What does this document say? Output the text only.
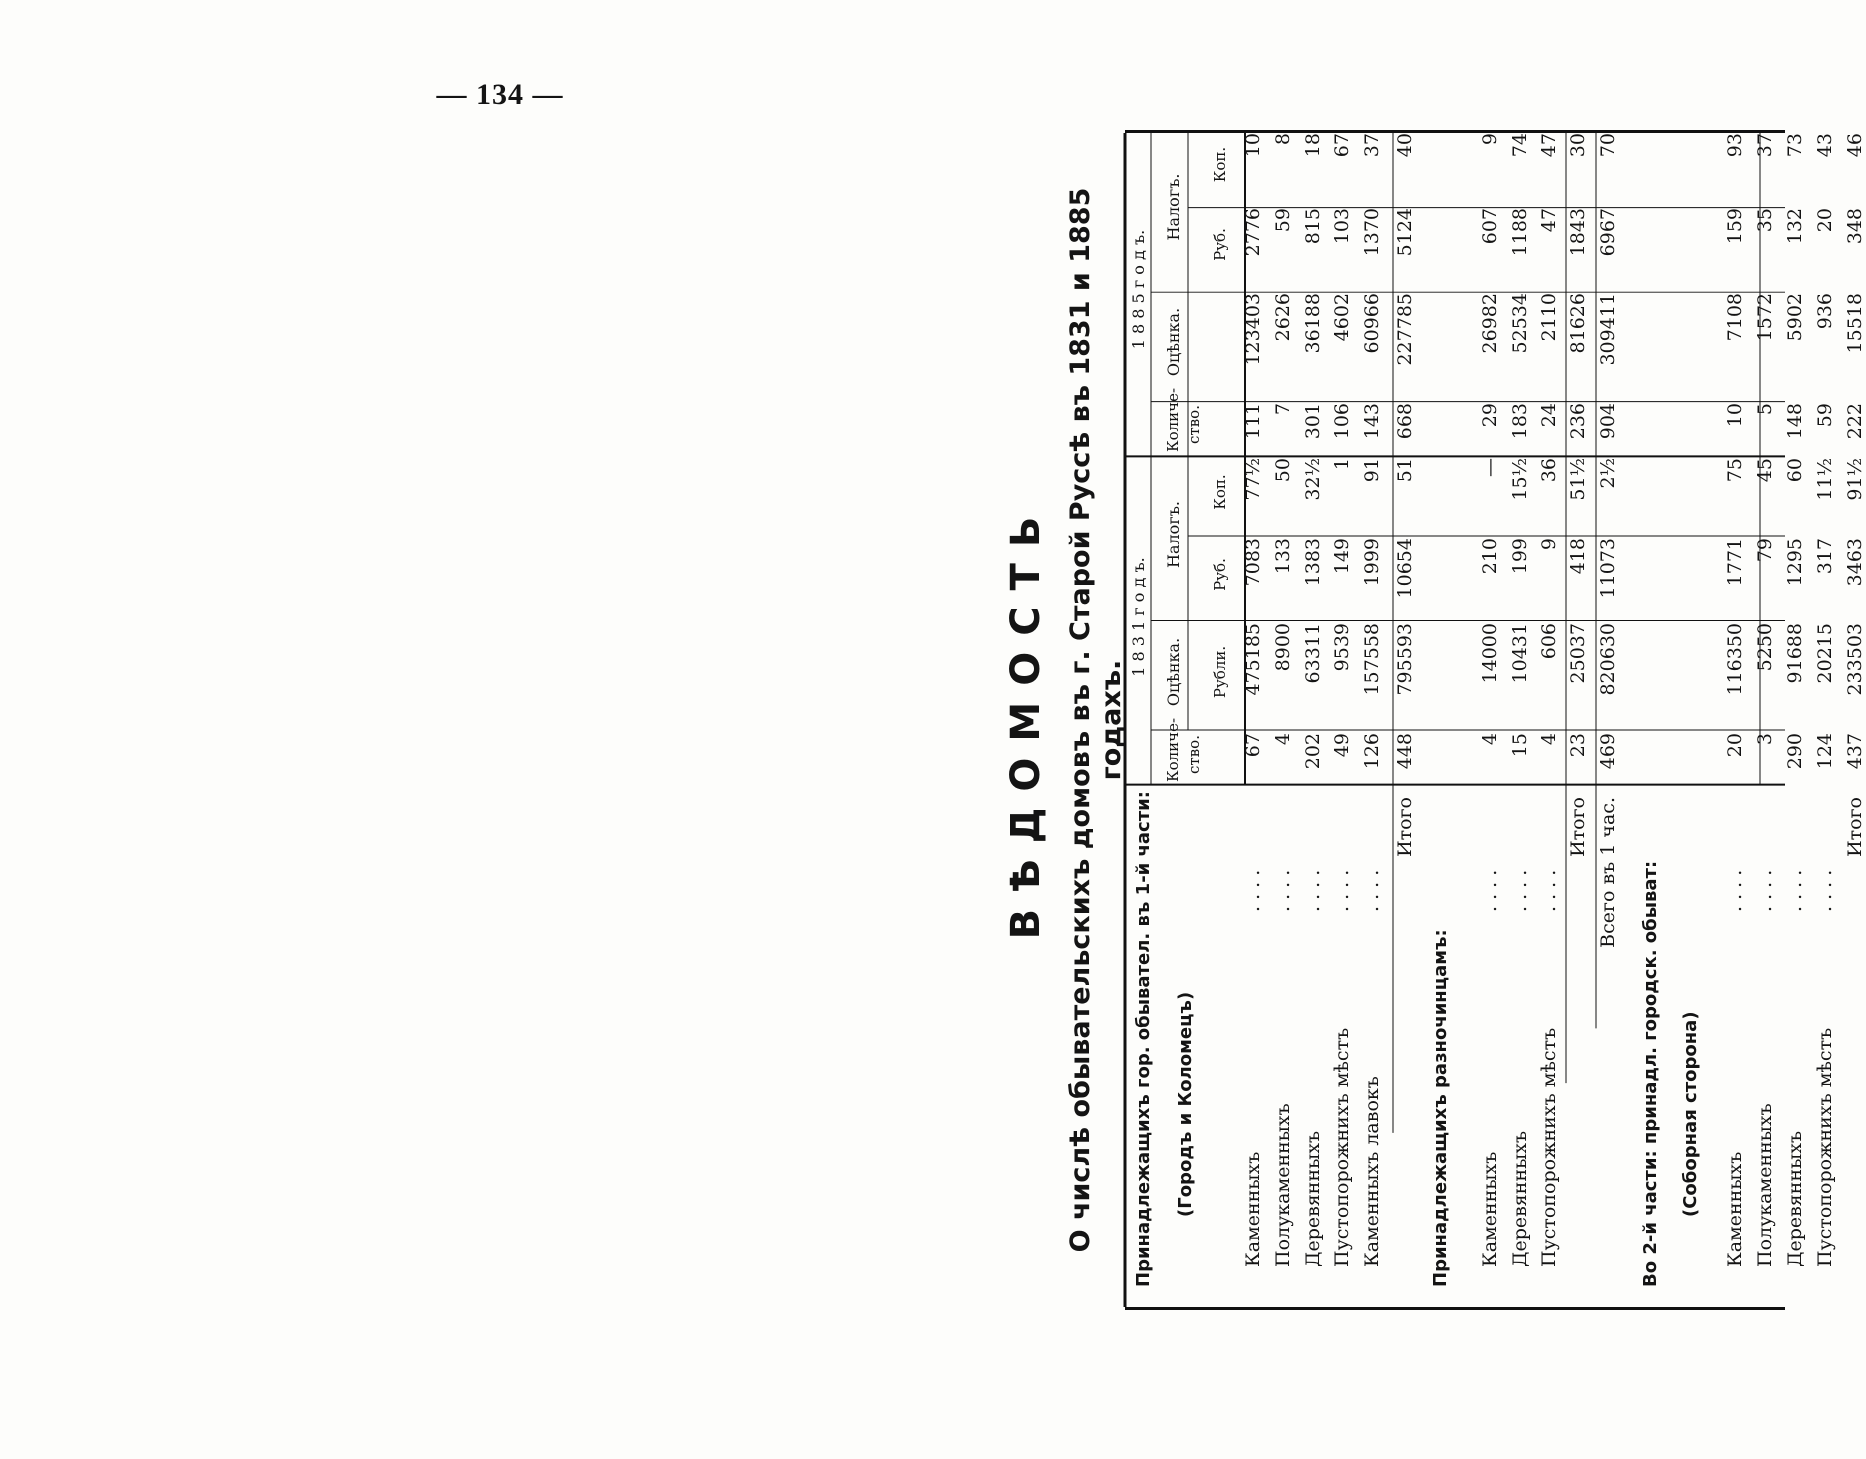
— 134 —
ВѢДОМОСТЬ О числѣ обывательскихъ домовъ въ г. Старой Руссѣ въ 1831 и 1885 годахъ.
1 8 3 1 г о д ъ.
1 8 8 5 г о д ъ.
Количе- ство.
Оцѣнка.
Налогъ.
Рубли.
Руб.
Коп.
Количе- ство.
Оцѣнка.
Налогъ.
Руб.
Коп.
Принадлежащихъ гор. обывател. въ 1-й части: (Городъ и Коломецъ) Каменныхъ
. . . .
67
475185
7083
77½
111
123403
2776
10
Полукаменныхъ
. . . .
4
8900
133
50
7
2626
59
8
Деревянныхъ
. . . .
202
63311
1383
32½
301
36188
815
18
Пустопорожнихъ мѣстъ
. . . .
49
9539
149
1
106
4602
103
67
Каменныхъ лавокъ
. . . .
126
157558
1999
91
143
60966
1370
37
Итого
448
795593
10654
51
668
227785
5124
40
Принадлежащихъ разночинцамъ: Каменныхъ
. . . .
4
14000
210
—
29
26982
607
9
Деревянныхъ
. . . .
15
10431
199
15½
183
52534
1188
74
Пустопорожнихъ мѣстъ
. . . .
4
606
9
36
24
2110
47
47
Итого
23
25037
418
51½
236
81626
1843
30
Всего въ 1 час.
469
820630
11073
2½
904
309411
6967
70
Во 2-й части: принадл. городск. обыват: (Соборная сторона) Каменныхъ
. . . .
20
116350
1771
75
10
7108
159
93
Полукаменныхъ
. . . .
3
5250
79
45
5
1572
35
37
Деревянныхъ
. . . .
290
91688
1295
60
148
5902
132
73
Пустопорожнихъ мѣстъ
. . . .
124
20215
317
11½
59
936
20
43
Итого
437
233503
3463
91½
222
15518
348
46
